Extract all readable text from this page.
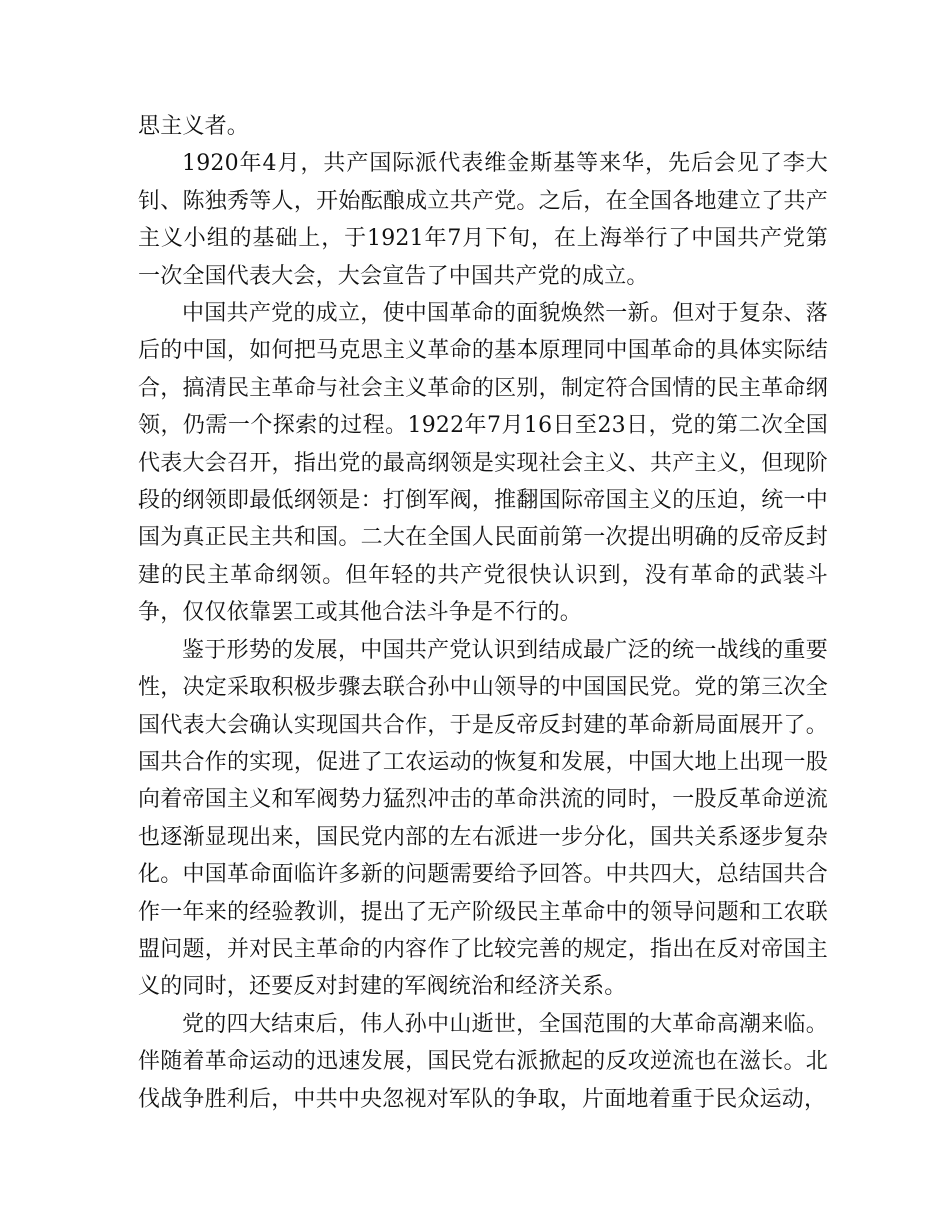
思主义者。

1920年4月，共产国际派代表维金斯基等来华，先后会见了李大钊、陈独秀等人，开始酝酿成立共产党。之后，在全国各地建立了共产主义小组的基础上，于1921年7月下旬，在上海举行了中国共产党第一次全国代表大会，大会宣告了中国共产党的成立。

中国共产党的成立，使中国革命的面貌焕然一新。但对于复杂、落后的中国，如何把马克思主义革命的基本原理同中国革命的具体实际结合，搞清民主革命与社会主义革命的区别，制定符合国情的民主革命纲领，仍需一个探索的过程。1922年7月16日至23日，党的第二次全国代表大会召开，指出党的最高纲领是实现社会主义、共产主义，但现阶段的纲领即最低纲领是：打倒军阀，推翻国际帝国主义的压迫，统一中国为真正民主共和国。二大在全国人民面前第一次提出明确的反帝反封建的民主革命纲领。但年轻的共产党很快认识到，没有革命的武装斗争，仅仅依靠罢工或其他合法斗争是不行的。

鉴于形势的发展，中国共产党认识到结成最广泛的统一战线的重要性，决定采取积极步骤去联合孙中山领导的中国国民党。党的第三次全国代表大会确认实现国共合作，于是反帝反封建的革命新局面展开了。国共合作的实现，促进了工农运动的恢复和发展，中国大地上出现一股向着帝国主义和军阀势力猛烈冲击的革命洪流的同时，一股反革命逆流也逐渐显现出来，国民党内部的左右派进一步分化，国共关系逐步复杂化。中国革命面临许多新的问题需要给予回答。中共四大，总结国共合作一年来的经验教训，提出了无产阶级民主革命中的领导问题和工农联盟问题，并对民主革命的内容作了比较完善的规定，指出在反对帝国主义的同时，还要反对封建的军阀统治和经济关系。

党的四大结束后，伟人孙中山逝世，全国范围的大革命高潮来临。伴随着革命运动的迅速发展，国民党右派掀起的反攻逆流也在滋长。北伐战争胜利后，中共中央忽视对军队的争取，片面地着重于民众运动，
